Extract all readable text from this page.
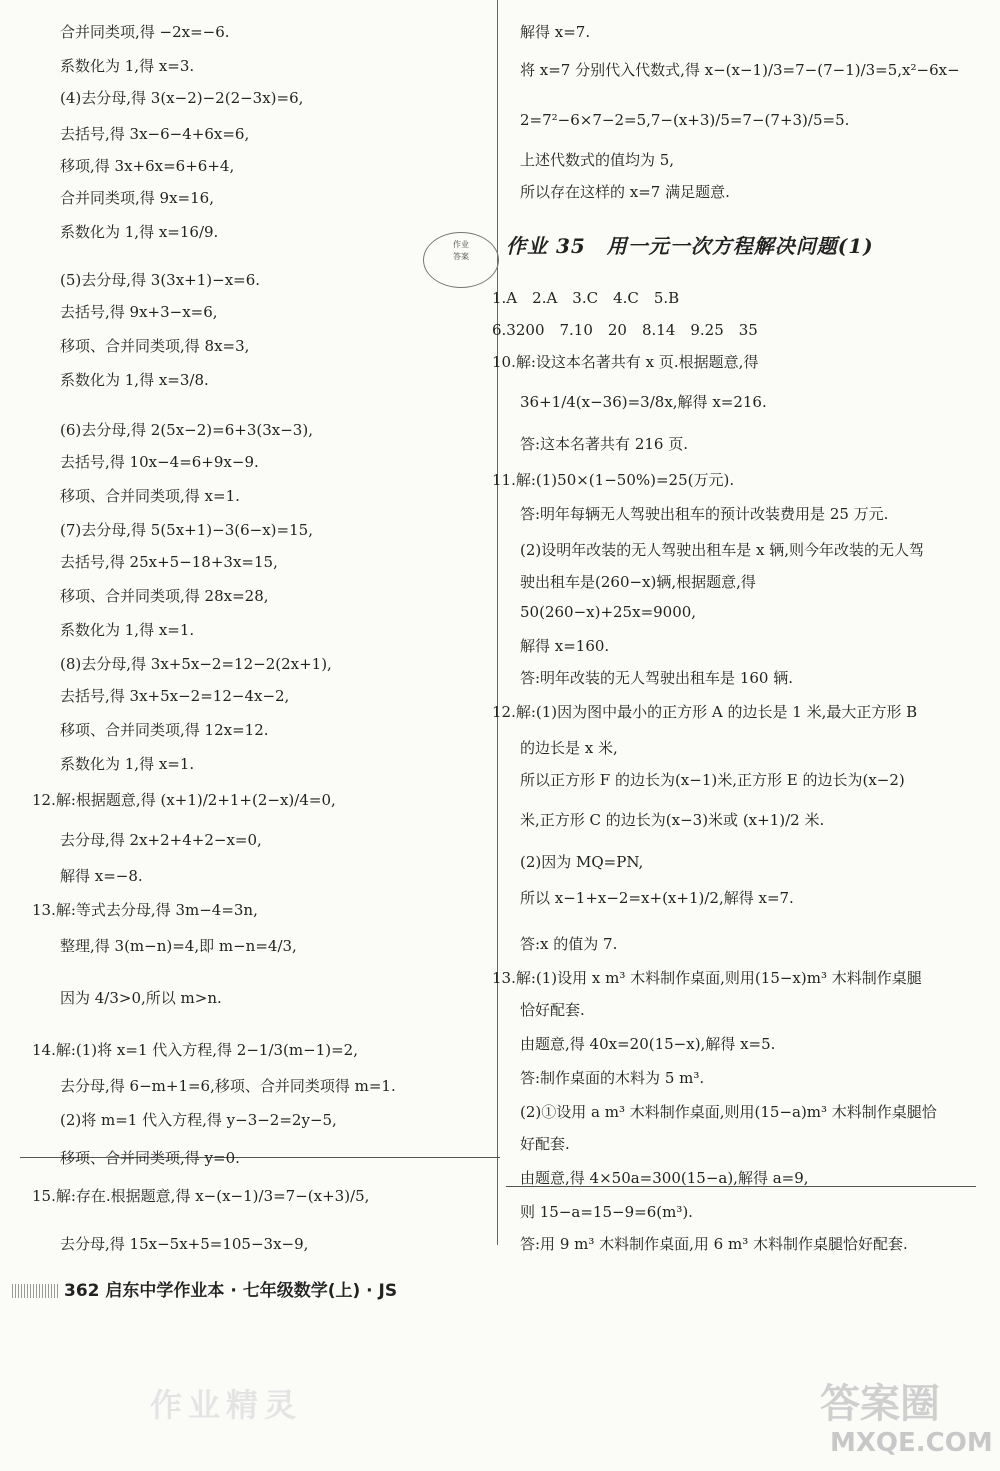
合并同类项,得 −2x=−6.
系数化为 1,得 x=3.
(4)去分母,得 3(x−2)−2(2−3x)=6,
去括号,得 3x−6−4+6x=6,
移项,得 3x+6x=6+6+4,
合并同类项,得 9x=16,
系数化为 1,得 x=16/9.
(5)去分母,得 3(3x+1)−x=6.
去括号,得 9x+3−x=6,
移项、合并同类项,得 8x=3,
系数化为 1,得 x=3/8.
(6)去分母,得 2(5x−2)=6+3(3x−3),
去括号,得 10x−4=6+9x−9.
移项、合并同类项,得 x=1.
(7)去分母,得 5(5x+1)−3(6−x)=15,
去括号,得 25x+5−18+3x=15,
移项、合并同类项,得 28x=28,
系数化为 1,得 x=1.
(8)去分母,得 3x+5x−2=12−2(2x+1),
去括号,得 3x+5x−2=12−4x−2,
移项、合并同类项,得 12x=12.
系数化为 1,得 x=1.
12.解:根据题意,得 (x+1)/2+1+(2−x)/4=0,
去分母,得 2x+2+4+2−x=0,
解得 x=−8.
13.解:等式去分母,得 3m−4=3n,
整理,得 3(m−n)=4,即 m−n=4/3,
因为 4/3>0,所以 m>n.
14.解:(1)将 x=1 代入方程,得 2−1/3(m−1)=2,
去分母,得 6−m+1=6,移项、合并同类项得 m=1.
(2)将 m=1 代入方程,得 y−3−2=2y−5,
移项、合并同类项,得 y=0.
15.解:存在.根据题意,得 x−(x−1)/3=7−(x+3)/5,
去分母,得 15x−5x+5=105−3x−9,
作业 35　用一元一次方程解决问题(1)
解得 x=7.
将 x=7 分别代入代数式,得 x−(x−1)/3=7−(7−1)/3=5,x²−6x−
2=7²−6×7−2=5,7−(x+3)/5=7−(7+3)/5=5.
上述代数式的值均为 5,
所以存在这样的 x=7 满足题意.
1.A　2.A　3.C　4.C　5.B
6.3200　7.10　20　8.14　9.25　35
10.解:设这本名著共有 x 页.根据题意,得
36+1/4(x−36)=3/8x,解得 x=216.
答:这本名著共有 216 页.
11.解:(1)50×(1−50%)=25(万元).
答:明年每辆无人驾驶出租车的预计改装费用是 25 万元.
(2)设明年改装的无人驾驶出租车是 x 辆,则今年改装的无人驾
驶出租车是(260−x)辆,根据题意,得
50(260−x)+25x=9000,
解得 x=160.
答:明年改装的无人驾驶出租车是 160 辆.
12.解:(1)因为图中最小的正方形 A 的边长是 1 米,最大正方形 B
的边长是 x 米,
所以正方形 F 的边长为(x−1)米,正方形 E 的边长为(x−2)
米,正方形 C 的边长为(x−3)米或 (x+1)/2 米.
(2)因为 MQ=PN,
所以 x−1+x−2=x+(x+1)/2,解得 x=7.
答:x 的值为 7.
13.解:(1)设用 x m³ 木料制作桌面,则用(15−x)m³ 木料制作桌腿
恰好配套.
由题意,得 40x=20(15−x),解得 x=5.
答:制作桌面的木料为 5 m³.
(2)①设用 a m³ 木料制作桌面,则用(15−a)m³ 木料制作桌腿恰
好配套.
由题意,得 4×50a=300(15−a),解得 a=9,
则 15−a=15−9=6(m³).
答:用 9 m³ 木料制作桌面,用 6 m³ 木料制作桌腿恰好配套.
作业
答案
362 启东中学作业本 · 七年级数学(上) · JS
作业精灵	答案圈
MXQE.COM
